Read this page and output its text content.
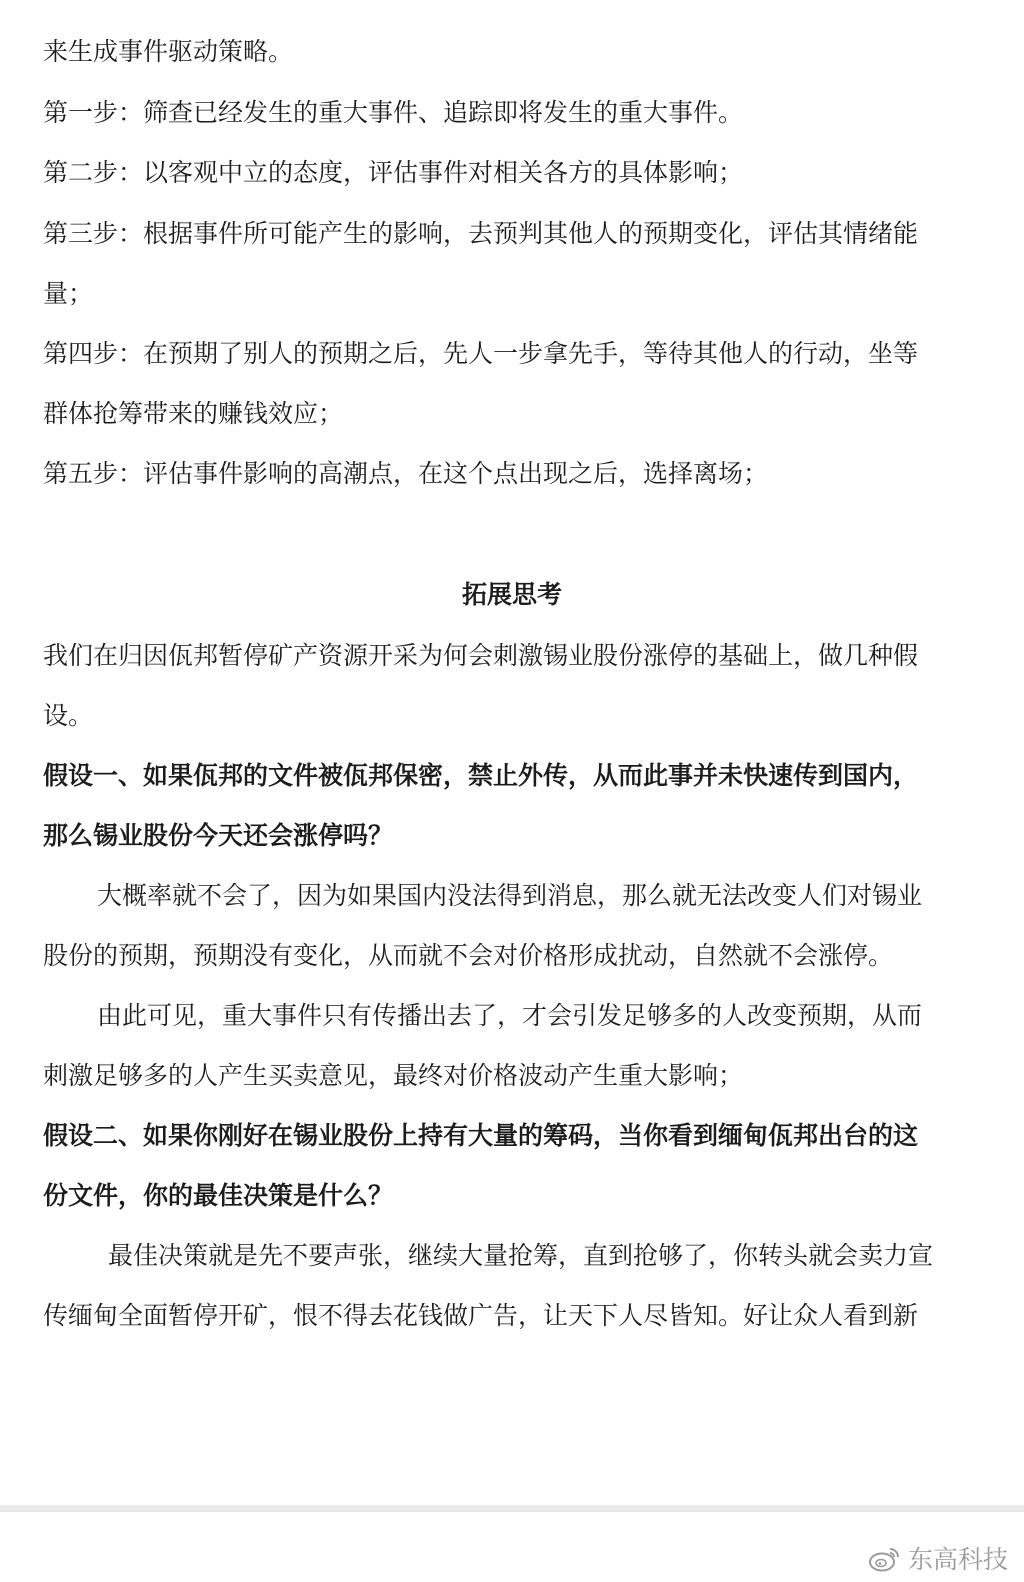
来生成事件驱动策略。
第一步：筛查已经发生的重大事件、追踪即将发生的重大事件。
第二步：以客观中立的态度，评估事件对相关各方的具体影响；
第三步：根据事件所可能产生的影响，去预判其他人的预期变化，评估其情绪能
量；
第四步：在预期了别人的预期之后，先人一步拿先手，等待其他人的行动，坐等
群体抢筹带来的赚钱效应；
第五步：评估事件影响的高潮点，在这个点出现之后，选择离场；
拓展思考
我们在归因佤邦暂停矿产资源开采为何会刺激锡业股份涨停的基础上，做几种假
设。
假设一、如果佤邦的文件被佤邦保密，禁止外传，从而此事并未快速传到国内，
那么锡业股份今天还会涨停吗？
大概率就不会了，因为如果国内没法得到消息，那么就无法改变人们对锡业
股份的预期，预期没有变化，从而就不会对价格形成扰动，自然就不会涨停。
由此可见，重大事件只有传播出去了，才会引发足够多的人改变预期，从而
刺激足够多的人产生买卖意见，最终对价格波动产生重大影响；
假设二、如果你刚好在锡业股份上持有大量的筹码，当你看到缅甸佤邦出台的这
份文件，你的最佳决策是什么？
最佳决策就是先不要声张，继续大量抢筹，直到抢够了，你转头就会卖力宣
传缅甸全面暂停开矿，恨不得去花钱做广告，让天下人尽皆知。好让众人看到新
东高科技
